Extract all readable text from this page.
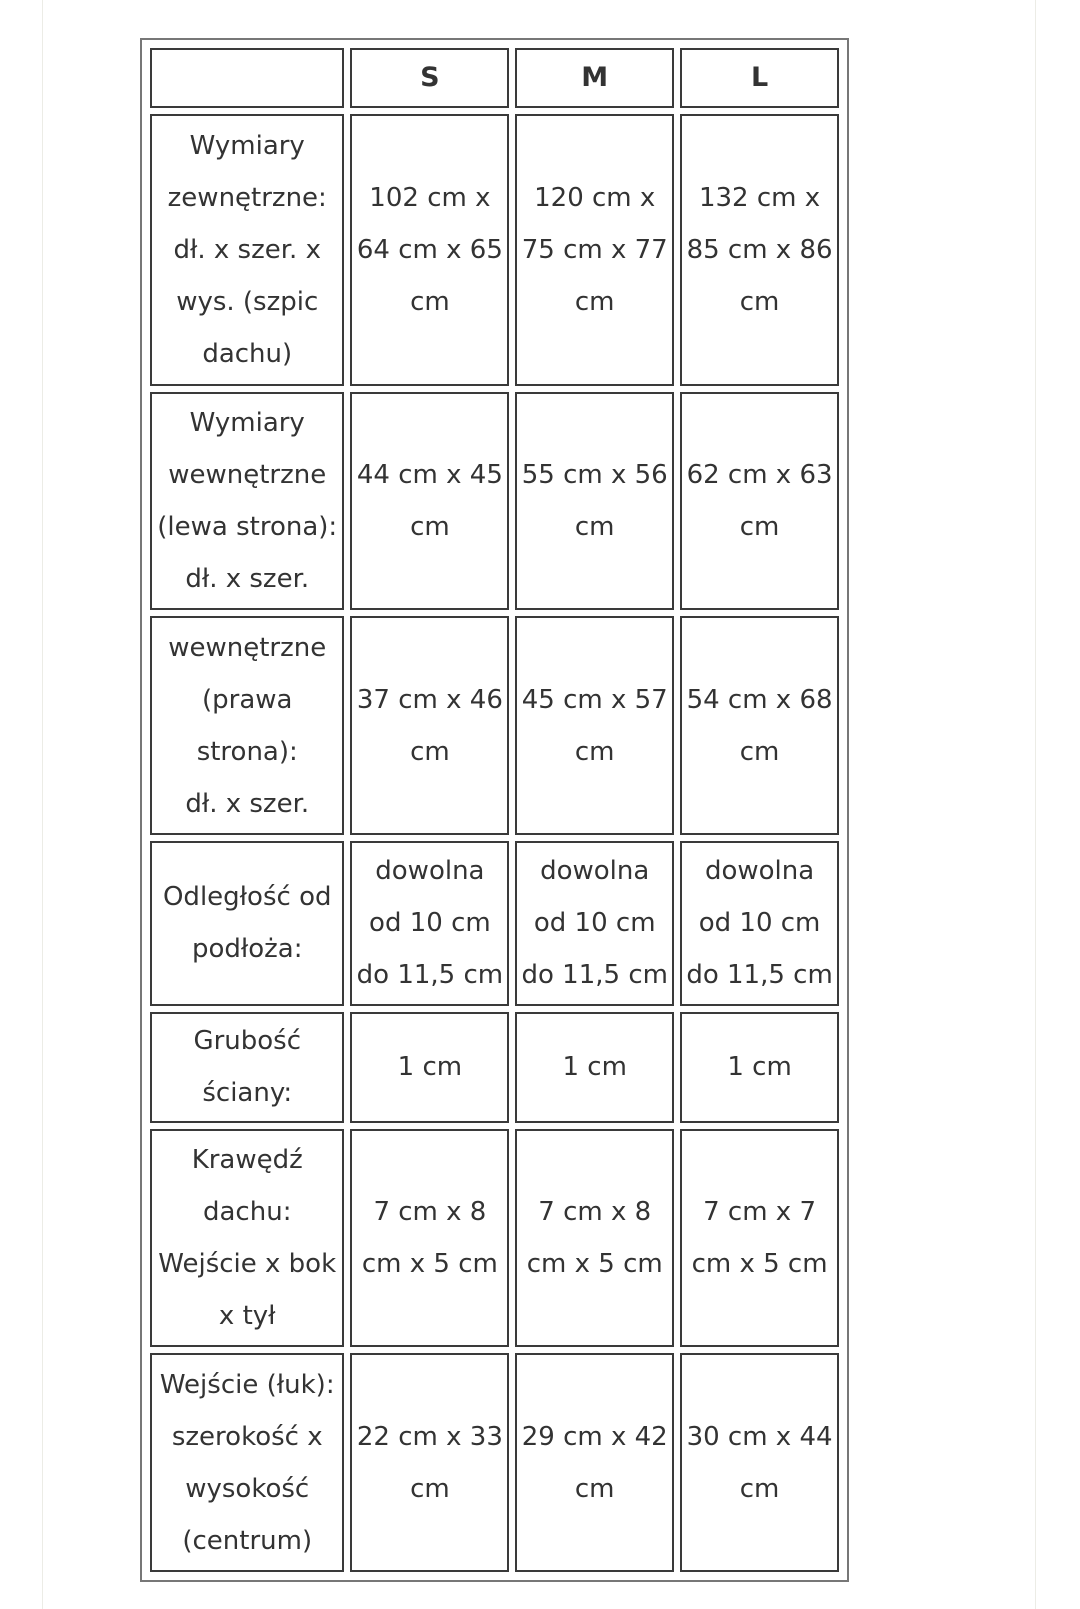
	S	M	L

Wymiary
zewnętrzne:
dł. x szer. x
wys. (szpic
dachu)	102 cm x
64 cm x 65
cm	120 cm x
75 cm x 77
cm	132 cm x
85 cm x 86
cm

Wymiary
wewnętrzne
(lewa strona):
dł. x szer.	44 cm x 45
cm	55 cm x 56
cm	62 cm x 63
cm

wewnętrzne
(prawa
strona):
dł. x szer.	37 cm x 46
cm	45 cm x 57
cm	54 cm x 68
cm

Odległość od
podłoża:	dowolna
od 10 cm
do 11,5 cm	dowolna
od 10 cm
do 11,5 cm	dowolna
od 10 cm
do 11,5 cm

Grubość
ściany:	1 cm	1 cm	1 cm

Krawędź
dachu:
Wejście x bok
x tył	7 cm x 8
cm x 5 cm	7 cm x 8
cm x 5 cm	7 cm x 7
cm x 5 cm

Wejście (łuk):
szerokość x
wysokość
(centrum)	22 cm x 33
cm	29 cm x 42
cm	30 cm x 44
cm
